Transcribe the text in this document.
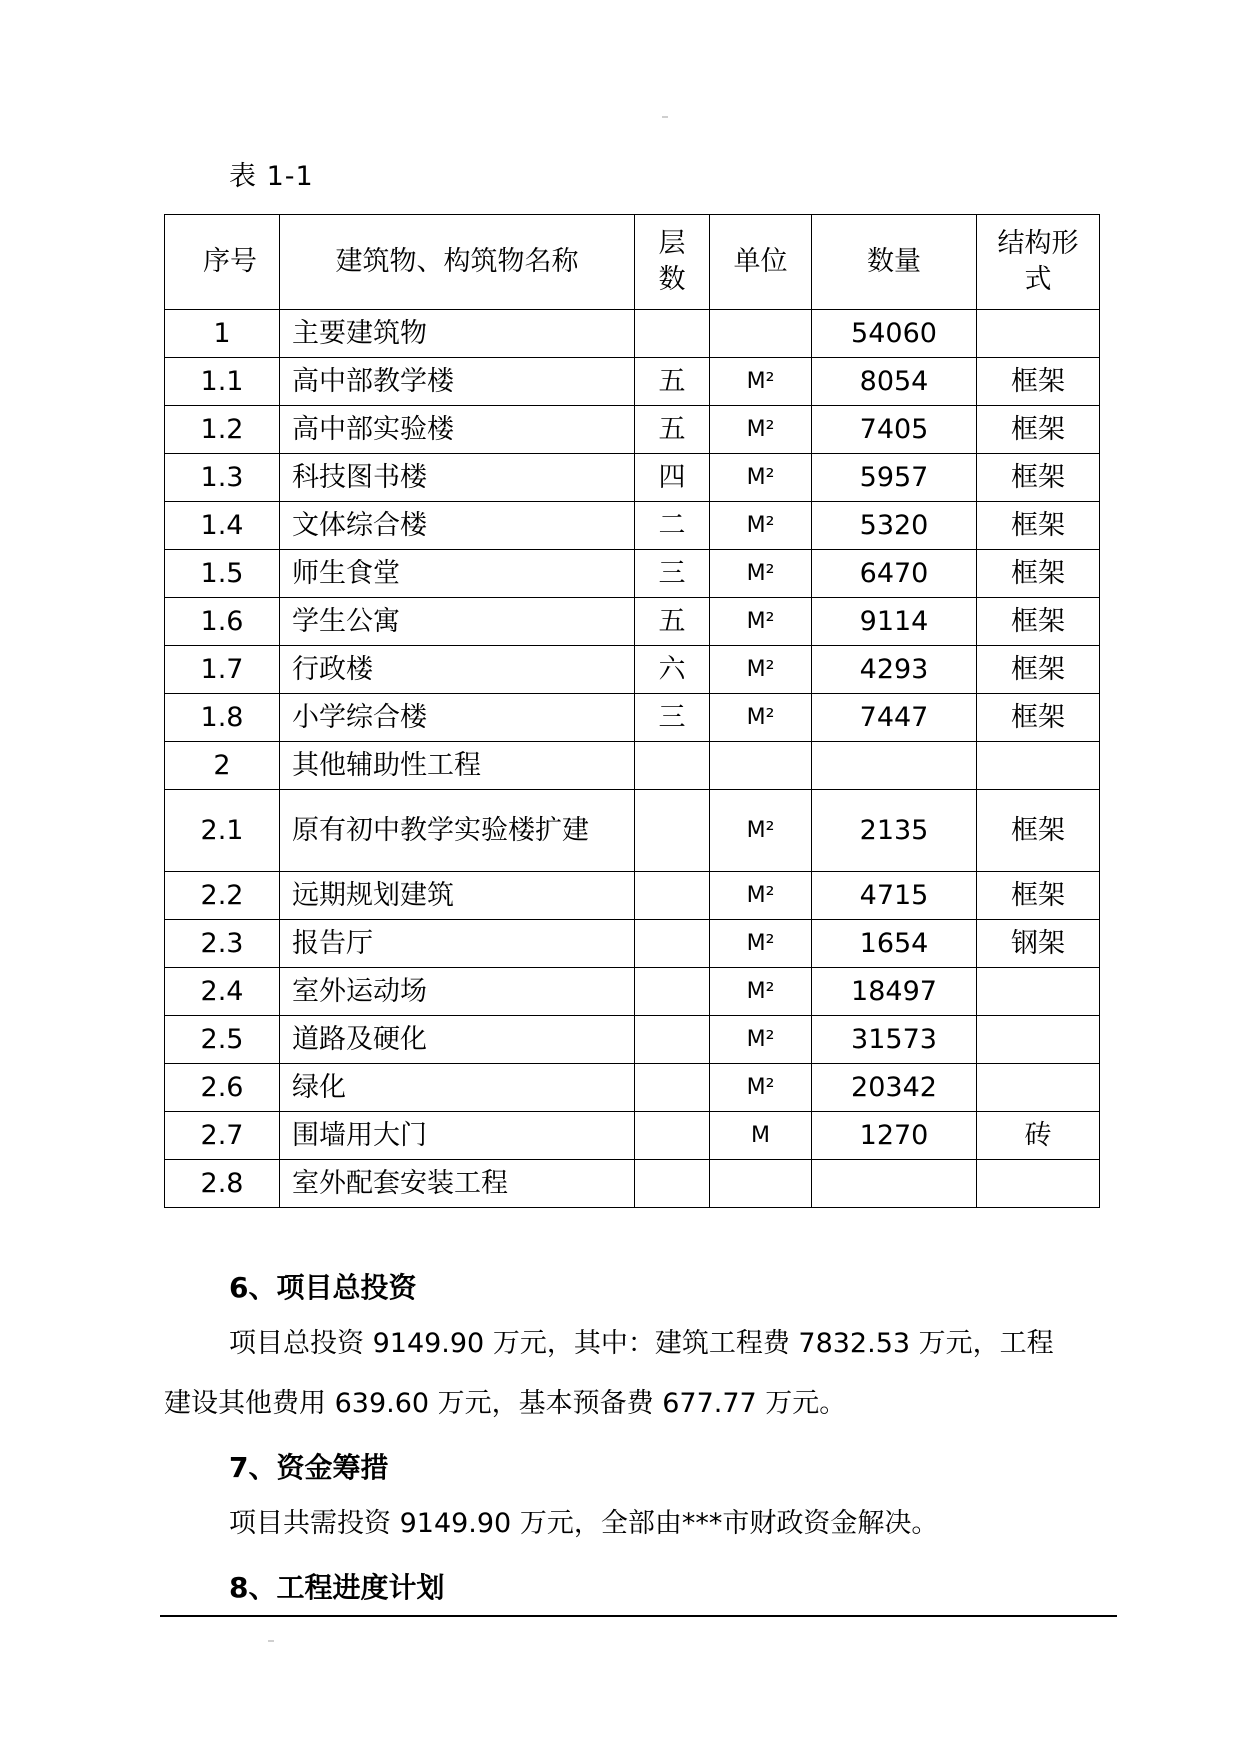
表 1-1
序号	建筑物、构筑物名称	层数	单位	数量	结构形式
1	主要建筑物			54060	
1.1	高中部教学楼	五	M²	8054	框架
1.2	高中部实验楼	五	M²	7405	框架
1.3	科技图书楼	四	M²	5957	框架
1.4	文体综合楼	二	M²	5320	框架
1.5	师生食堂	三	M²	6470	框架
1.6	学生公寓	五	M²	9114	框架
1.7	行政楼	六	M²	4293	框架
1.8	小学综合楼	三	M²	7447	框架
2	其他辅助性工程				
2.1	原有初中教学实验楼扩建		M²	2135	框架
2.2	远期规划建筑		M²	4715	框架
2.3	报告厅		M²	1654	钢架
2.4	室外运动场		M²	18497	
2.5	道路及硬化		M²	31573	
2.6	绿化		M²	20342	
2.7	围墙用大门		M	1270	砖
2.8	室外配套安装工程				
6、项目总投资
项目总投资 9149.90 万元，其中：建筑工程费 7832.53 万元，工程
建设其他费用 639.60 万元，基本预备费 677.77 万元。
7、资金筹措
项目共需投资 9149.90 万元，全部由***市财政资金解决。
8、工程进度计划
